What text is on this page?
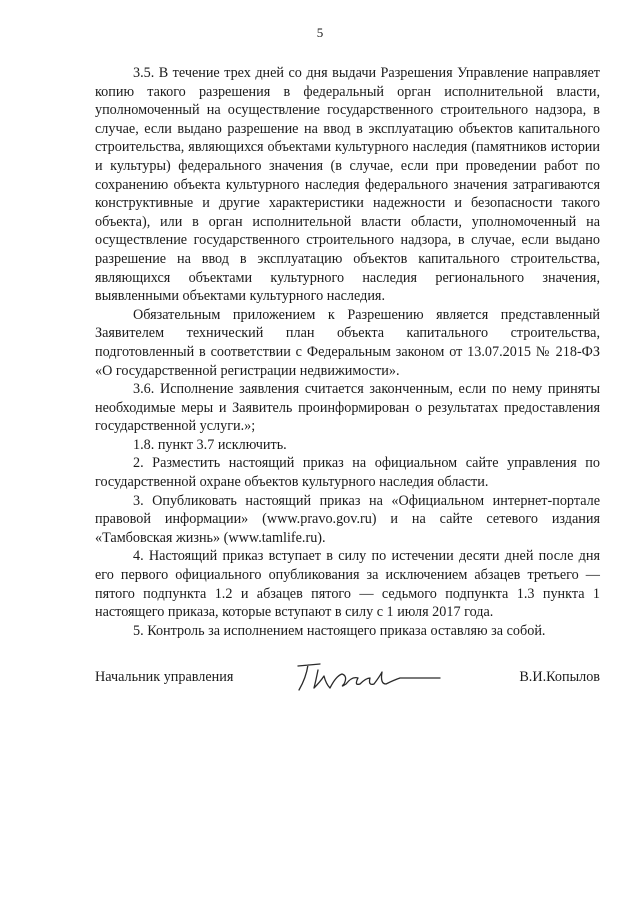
5

3.5. В течение трех дней со дня выдачи Разрешения Управление направляет копию такого разрешения в федеральный орган исполнительной власти, уполномоченный на осуществление государственного строительного надзора, в случае, если выдано разрешение на ввод в эксплуатацию объектов капитального строительства, являющихся объектами культурного наследия (памятников истории и культуры) федерального значения (в случае, если при проведении работ по сохранению объекта культурного наследия федерального значения затрагиваются конструктивные и другие характеристики надежности и безопасности такого объекта), или в орган исполнительной власти области, уполномоченный на осуществление государственного строительного надзора, в случае, если выдано разрешение на ввод в эксплуатацию объектов капитального строительства, являющихся объектами культурного наследия регионального значения, выявленными объектами культурного наследия.

Обязательным приложением к Разрешению является представленный Заявителем технический план объекта капитального строительства, подготовленный в соответствии с Федеральным законом от 13.07.2015 № 218-ФЗ «О государственной регистрации недвижимости».

3.6. Исполнение заявления считается законченным, если по нему приняты необходимые меры и Заявитель проинформирован о результатах предоставления государственной услуги.»;

1.8. пункт 3.7 исключить.

2. Разместить настоящий приказ на официальном сайте управления по государственной охране объектов культурного наследия области.

3. Опубликовать настоящий приказ на «Официальном интернет-портале правовой информации» (www.pravo.gov.ru) и на сайте сетевого издания «Тамбовская жизнь» (www.tamlife.ru).

4. Настоящий приказ вступает в силу по истечении десяти дней после дня его первого официального опубликования за исключением абзацев третьего — пятого подпункта 1.2 и абзацев пятого — седьмого подпункта 1.3 пункта 1 настоящего приказа, которые вступают в силу с 1 июля 2017 года.

5. Контроль за исполнением настоящего приказа оставляю за собой.

Начальник управления	В.И.Копылов
